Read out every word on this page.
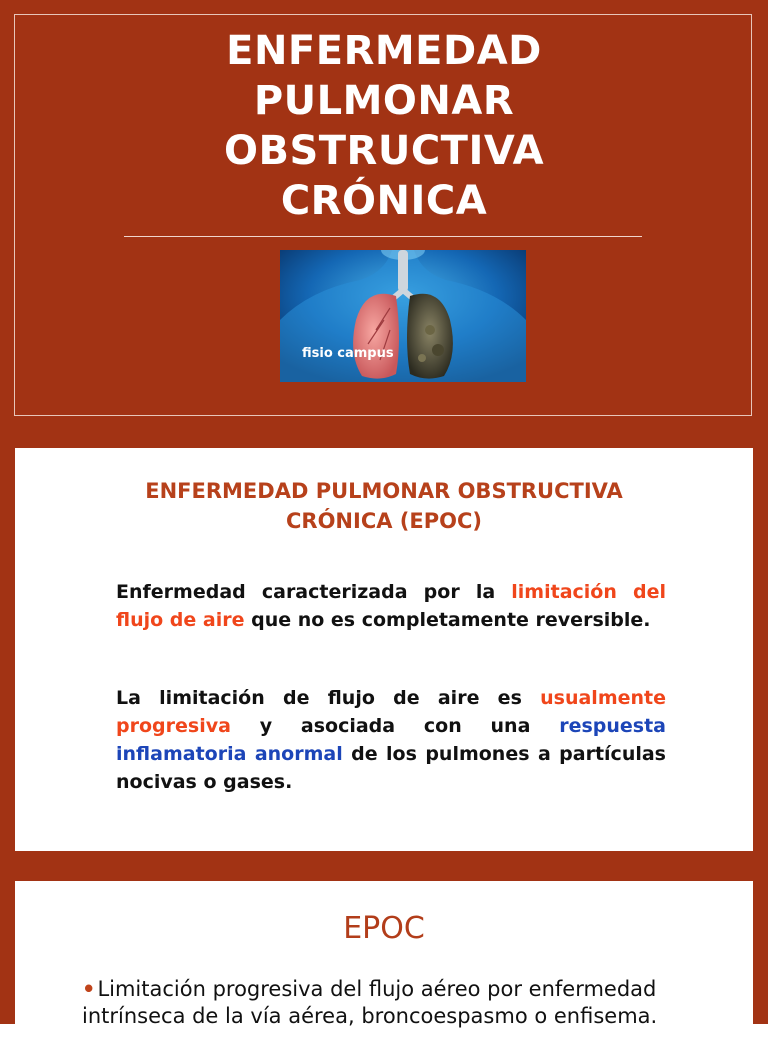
ENFERMEDAD
PULMONAR
OBSTRUCTIVA
CRÓNICA
fisio campus
ENFERMEDAD PULMONAR OBSTRUCTIVA
CRÓNICA (EPOC)
Enfermedad caracterizada por la limitación del flujo de aire que no es completamente reversible.
La limitación de flujo de aire es usualmente progresiva y asociada con una respuesta inflamatoria anormal de los pulmones a partículas nocivas o gases.
EPOC
•Limitación progresiva del flujo aéreo por enfermedad intrínseca de la vía aérea, broncoespasmo o enfisema.
